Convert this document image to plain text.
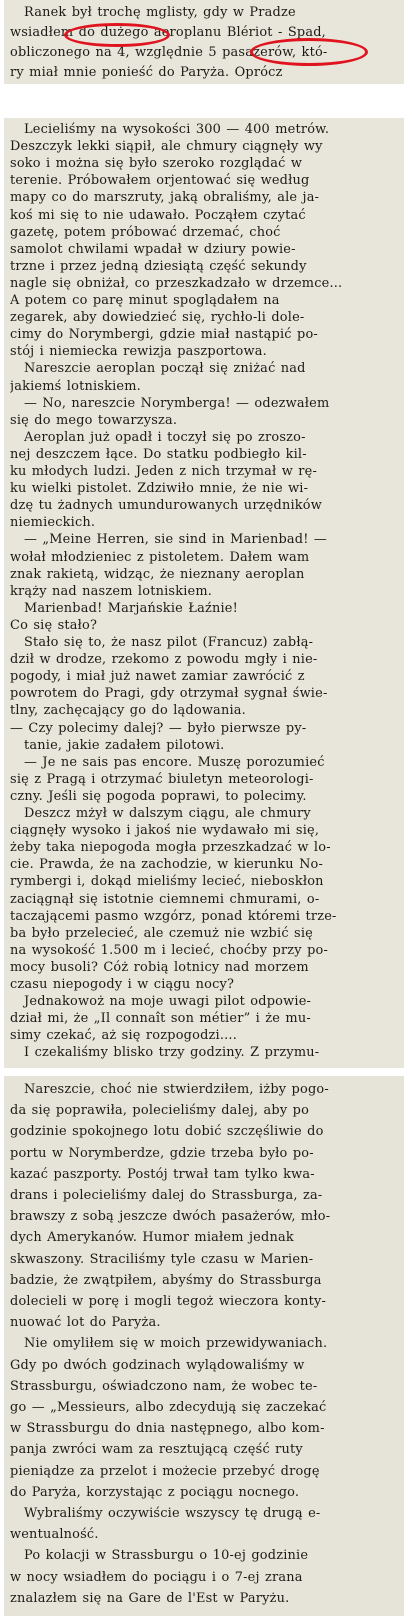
Ranek był trochę mglisty, gdy w Pradze
wsiadłem do dużego aeroplanu Blériot - Spad,
obliczonego na 4, względnie 5 pasażerów, któ-
ry miał mnie ponieść do Paryża. Oprócz
Lecieliśmy na wysokości 300 — 400 metrów.
Deszczyk lekki siąpił, ale chmury ciągnęły wy
soko i można się było szeroko rozglądać w
terenie. Próbowałem orjentować się według
mapy co do marszruty, jaką obraliśmy, ale ja-
koś mi się to nie udawało. Począłem czytać
gazetę, potem próbować drzemać, choć
samolot chwilami wpadał w dziury powie-
trzne i przez jedną dziesiątą część sekundy
nagle się obniżał, co przeszkadzało w drzemce...
A potem co parę minut spoglądałem na
zegarek, aby dowiedzieć się, rychło-li dole-
cimy do Norymbergi, gdzie miał nastąpić po-
stój i niemiecka rewizja paszportowa.
Nareszcie aeroplan począł się zniżać nad
jakiemś lotniskiem.
— No, nareszcie Norymberga! — odezwałem
się do mego towarzysza.
Aeroplan już opadł i toczył się po zroszo-
nej deszczem łące. Do statku podbiegło kil-
ku młodych ludzi. Jeden z nich trzymał w rę-
ku wielki pistolet. Zdziwiło mnie, że nie wi-
dzę tu żadnych umundurowanych urzędników
niemieckich.
— „Meine Herren, sie sind in Marienbad! —
wołał młodzieniec z pistoletem. Dałem wam
znak rakietą, widząc, że nieznany aeroplan
krąży nad naszem lotniskiem.
Marienbad! Marjańskie Łaźnie!
Co się stało?
Stało się to, że nasz pilot (Francuz) zabłą-
dził w drodze, rzekomo z powodu mgły i nie-
pogody, i miał już nawet zamiar zawrócić z
powrotem do Pragi, gdy otrzymał sygnał świe-
tlny, zachęcający go do lądowania.
— Czy polecimy dalej? — było pierwsze py-
tanie, jakie zadałem pilotowi.
— Je ne sais pas encore. Muszę porozumieć
się z Pragą i otrzymać biuletyn meteorologi-
czny. Jeśli się pogoda poprawi, to polecimy.
Deszcz mżył w dalszym ciągu, ale chmury
ciągnęły wysoko i jakoś nie wydawało mi się,
żeby taka niepogoda mogła przeszkadzać w lo-
cie. Prawda, że na zachodzie, w kierunku No-
rymbergi i, dokąd mieliśmy lecieć, nieboskłon
zaciągnął się istotnie ciemnemi chmurami, o-
taczającemi pasmo wzgórz, ponad któremi trze-
ba było przelecieć, ale czemuż nie wzbić się
na wysokość 1.500 m i lecieć, choćby przy po-
mocy busoli? Cóż robią lotnicy nad morzem
czasu niepogody i w ciągu nocy?
Jednakowoż na moje uwagi pilot odpowie-
dział mi, że „Il connaît son métier” i że mu-
simy czekać, aż się rozpogodzi....
I czekaliśmy blisko trzy godziny. Z przymu-
Nareszcie, choć nie stwierdziłem, iżby pogo-
da się poprawiła, polecieliśmy dalej, aby po
godzinie spokojnego lotu dobić szczęśliwie do
portu w Norymberdze, gdzie trzeba było po-
kazać paszporty. Postój trwał tam tylko kwa-
drans i polecieliśmy dalej do Strassburga, za-
brawszy z sobą jeszcze dwóch pasażerów, mło-
dych Amerykanów. Humor miałem jednak
skwaszony. Straciliśmy tyle czasu w Marien-
badzie, że zwątpiłem, abyśmy do Strassburga
dolecieli w porę i mogli tegoż wieczora konty-
nuować lot do Paryża.
Nie omyliłem się w moich przewidywaniach.
Gdy po dwóch godzinach wylądowaliśmy w
Strassburgu, oświadczono nam, że wobec te-
go — „Messieurs, albo zdecydują się zaczekać
w Strassburgu do dnia następnego, albo kom-
panja zwróci wam za resztującą część ruty
pieniądze za przelot i możecie przebyć drogę
do Paryża, korzystając z pociągu nocnego.
Wybraliśmy oczywiście wszyscy tę drugą e-
wentualność.
Po kolacji w Strassburgu o 10-ej godzinie
w nocy wsiadłem do pociągu i o 7-ej zrana
znalazłem się na Gare de l'Est w Paryżu.
